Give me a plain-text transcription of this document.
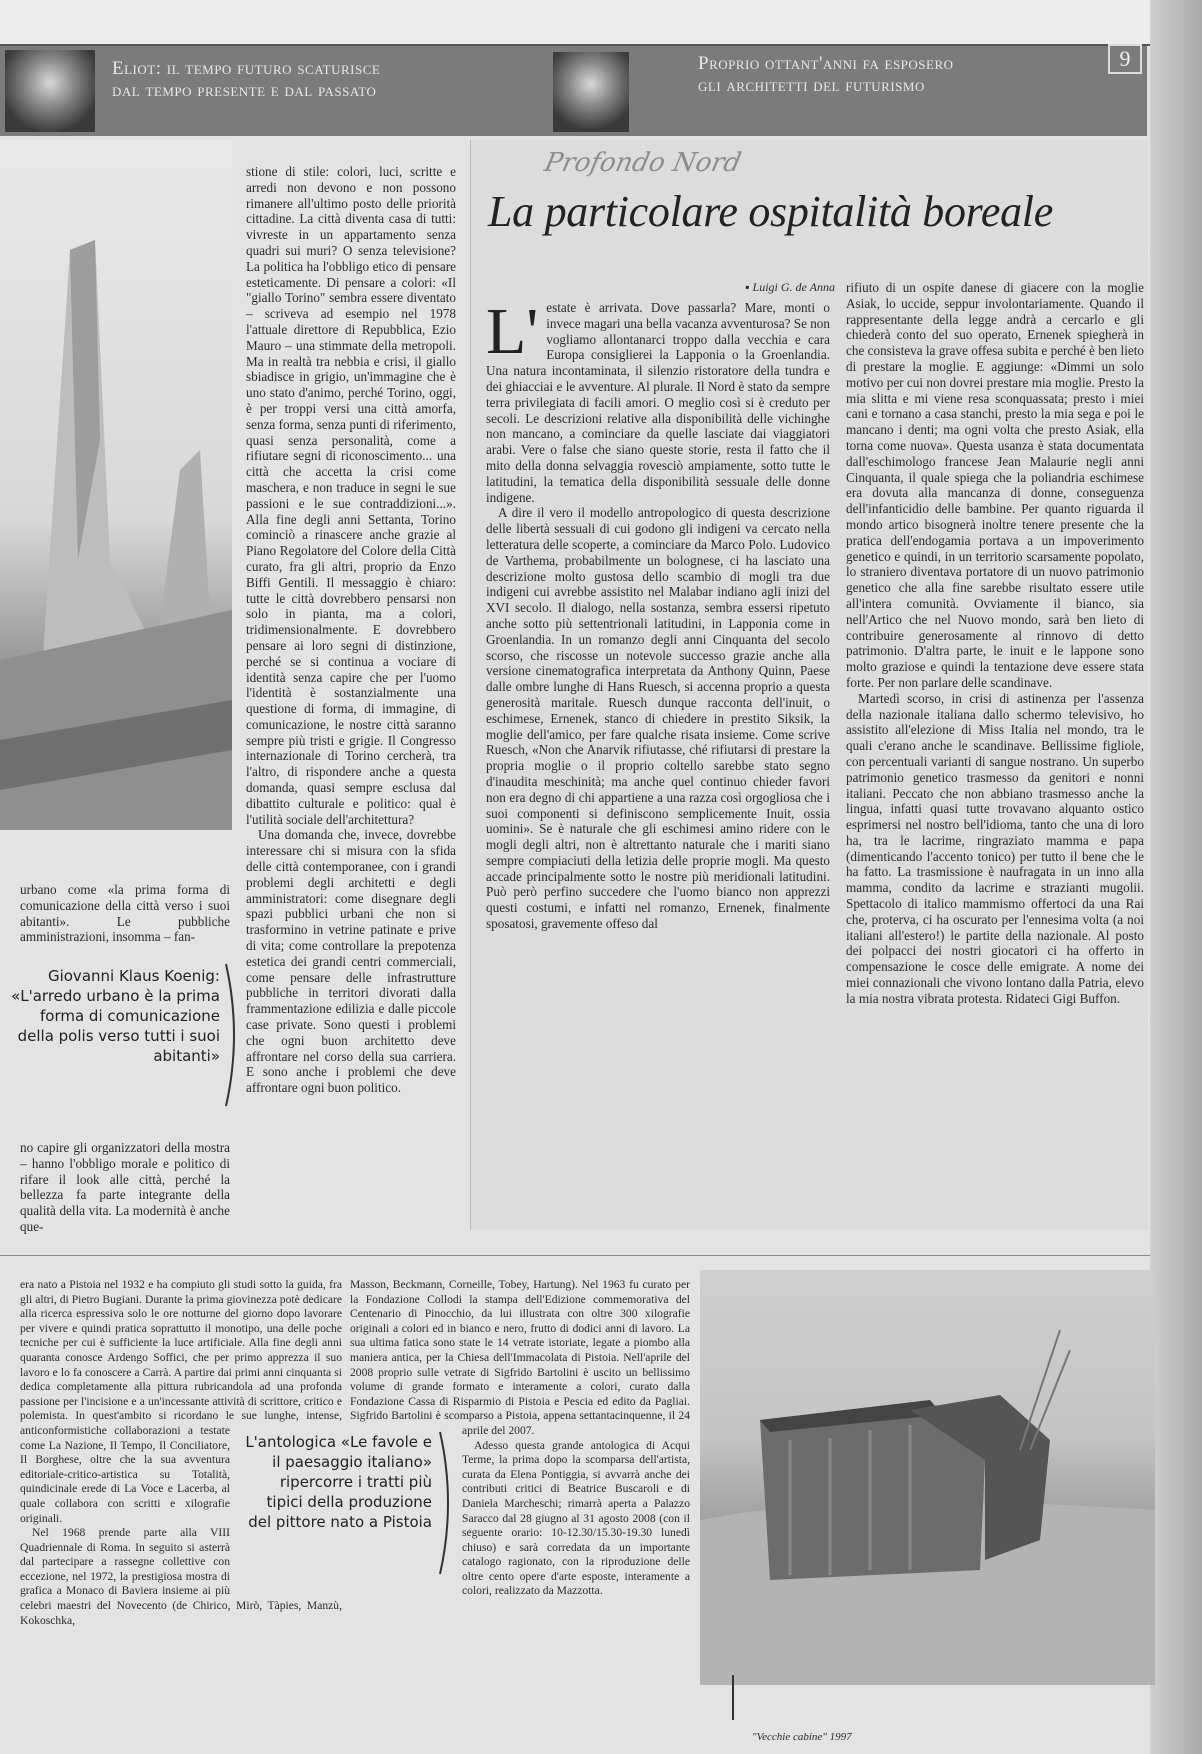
Eliot: il tempo futuro scaturisce
dal tempo presente e dal passato
Proprio ottant'anni fa esposero
gli architetti del futurismo
9

urbano come «la prima forma di comunicazione della città verso i suoi abitanti». Le pubbliche amministrazioni, insomma – fan-

Giovanni Klaus Koenig: «L'arredo urbano è la prima forma di comunicazione della polis verso tutti i suoi abitanti»

no capire gli organizzatori della mostra – hanno l'obbligo morale e politico di rifare il look alle città, perché la bellezza fa parte integrante della qualità della vita. La modernità è anche que-

stione di stile: colori, luci, scritte e arredi non devono e non possono rimanere all'ultimo posto delle priorità cittadine. La città diventa casa di tutti: vivreste in un appartamento senza quadri sui muri? O senza televisione? La politica ha l'obbligo etico di pensare esteticamente. Di pensare a colori: «Il "giallo Torino" sembra essere diventato – scriveva ad esempio nel 1978 l'attuale direttore di Repubblica, Ezio Mauro – una stimmate della metropoli. Ma in realtà tra nebbia e crisi, il giallo sbiadisce in grigio, un'immagine che è uno stato d'animo, perché Torino, oggi, è per troppi versi una città amorfa, senza forma, senza punti di riferimento, quasi senza personalità, come a rifiutare segni di riconoscimento... una città che accetta la crisi come maschera, e non traduce in segni le sue passioni e le sue contraddizioni...». Alla fine degli anni Settanta, Torino cominciò a rinascere anche grazie al Piano Regolatore del Colore della Città curato, fra gli altri, proprio da Enzo Biffi Gentili. Il messaggio è chiaro: tutte le città dovrebbero pensarsi non solo in pianta, ma a colori, tridimensionalmente. E dovrebbero pensare ai loro segni di distinzione, perché se si continua a vociare di identità senza capire che per l'uomo l'identità è sostanzialmente una questione di forma, di immagine, di comunicazione, le nostre città saranno sempre più tristi e grigie. Il Congresso internazionale di Torino cercherà, tra l'altro, di rispondere anche a questa domanda, quasi sempre esclusa dal dibattito culturale e politico: qual è l'utilità sociale dell'architettura?

Una domanda che, invece, dovrebbe interessare chi si misura con la sfida delle città contemporanee, con i grandi problemi degli architetti e degli amministratori: come disegnare degli spazi pubblici urbani che non si trasformino in vetrine patinate e prive di vita; come controllare la prepotenza estetica dei grandi centri commerciali, come pensare delle infrastrutture pubbliche in territori divorati dalla frammentazione edilizia e dalle piccole case private. Sono questi i problemi che ogni buon architetto deve affrontare nel corso della sua carriera. E sono anche i problemi che deve affrontare ogni buon politico.

Profondo Nord
La particolare ospitalità boreale
▪ Luigi G. de Anna

L' estate è arrivata. Dove passarla? Mare, monti o invece magari una bella vacanza avventurosa? Se non vogliamo allontanarci troppo dalla vecchia e cara Europa consiglierei la Lapponia o la Groenlandia. Una natura incontaminata, il silenzio ristoratore della tundra e dei ghiacciai e le avventure. Al plurale. Il Nord è stato da sempre terra privilegiata di facili amori. O meglio così si è creduto per secoli. Le descrizioni relative alla disponibilità delle vichinghe non mancano, a cominciare da quelle lasciate dai viaggiatori arabi. Vere o false che siano queste storie, resta il fatto che il mito della donna selvaggia rovesciò ampiamente, sotto tutte le latitudini, la tematica della disponibilità sessuale delle donne indigene.

A dire il vero il modello antropologico di questa descrizione delle libertà sessuali di cui godono gli indigeni va cercato nella letteratura delle scoperte, a cominciare da Marco Polo. Ludovico de Varthema, probabilmente un bolognese, ci ha lasciato una descrizione molto gustosa dello scambio di mogli tra due indigeni cui avrebbe assistito nel Malabar indiano agli inizi del XVI secolo. Il dialogo, nella sostanza, sembra essersi ripetuto anche sotto più settentrionali latitudini, in Lapponia come in Groenlandia. In un romanzo degli anni Cinquanta del secolo scorso, che riscosse un notevole successo grazie anche alla versione cinematografica interpretata da Anthony Quinn, Paese dalle ombre lunghe di Hans Ruesch, si accenna proprio a questa generosità maritale. Ruesch dunque racconta dell'inuit, o eschimese, Ernenek, stanco di chiedere in prestito Siksik, la moglie dell'amico, per fare qualche risata insieme. Come scrive Ruesch, «Non che Anarvik rifiutasse, ché rifiutarsi di prestare la propria moglie o il proprio coltello sarebbe stato segno d'inaudita meschinità; ma anche quel continuo chieder favori non era degno di chi appartiene a una razza così orgogliosa che i suoi componenti si definiscono semplicemente Inuit, ossia uomini». Se è naturale che gli eschimesi amino ridere con le mogli degli altri, non è altrettanto naturale che i mariti siano sempre compiaciuti della letizia delle proprie mogli. Ma questo accade principalmente sotto le nostre più meridionali latitudini. Può però perfino succedere che l'uomo bianco non apprezzi questi costumi, e infatti nel romanzo, Ernenek, finalmente sposatosi, gravemente offeso dal

rifiuto di un ospite danese di giacere con la moglie Asiak, lo uccide, seppur involontariamente. Quando il rappresentante della legge andrà a cercarlo e gli chiederà conto del suo operato, Ernenek spiegherà in che consisteva la grave offesa subita e perché è ben lieto di prestare la moglie. E aggiunge: «Dimmi un solo motivo per cui non dovrei prestare mia moglie. Presto la mia slitta e mi viene resa sconquassata; presto i miei cani e tornano a casa stanchi, presto la mia sega e poi le mancano i denti; ma ogni volta che presto Asiak, ella torna come nuova». Questa usanza è stata documentata dall'eschimologo francese Jean Malaurie negli anni Cinquanta, il quale spiega che la poliandria eschimese era dovuta alla mancanza di donne, conseguenza dell'infanticidio delle bambine. Per quanto riguarda il mondo artico bisognerà inoltre tenere presente che la pratica dell'endogamia portava a un impoverimento genetico e quindi, in un territorio scarsamente popolato, lo straniero diventava portatore di un nuovo patrimonio genetico che alla fine sarebbe risultato essere utile all'intera comunità. Ovviamente il bianco, sia nell'Artico che nel Nuovo mondo, sarà ben lieto di contribuire generosamente al rinnovo di detto patrimonio. D'altra parte, le inuit e le lappone sono molto graziose e quindi la tentazione deve essere stata forte. Per non parlare delle scandinave.

Martedì scorso, in crisi di astinenza per l'assenza della nazionale italiana dallo schermo televisivo, ho assistito all'elezione di Miss Italia nel mondo, tra le quali c'erano anche le scandinave. Bellissime figliole, con percentuali varianti di sangue nostrano. Un superbo patrimonio genetico trasmesso da genitori e nonni italiani. Peccato che non abbiano trasmesso anche la lingua, infatti quasi tutte trovavano alquanto ostico esprimersi nel nostro bell'idioma, tanto che una di loro ha, tra le lacrime, ringraziato mamma e papa (dimenticando l'accento tonico) per tutto il bene che le ha fatto. La trasmissione è naufragata in un inno alla mamma, condito da lacrime e strazianti mugolii. Spettacolo di italico mammismo offertoci da una Rai che, proterva, ci ha oscurato per l'ennesima volta (a noi italiani all'estero!) le partite della nazionale. Al posto dei polpacci dei nostri giocatori ci ha offerto in compensazione le cosce delle emigrate. A nome dei miei connazionali che vivono lontano dalla Patria, elevo la mia nostra vibrata protesta. Ridateci Gigi Buffon.

era nato a Pistoia nel 1932 e ha compiuto gli studi sotto la guida, fra gli altri, di Pietro Bugiani. Durante la prima giovinezza potè dedicare alla ricerca espressiva solo le ore notturne del giorno dopo lavorare per vivere e quindi pratica soprattutto il monotipo, una delle poche tecniche per cui è sufficiente la luce artificiale. Alla fine degli anni quaranta conosce Ardengo Soffici, che per primo apprezza il suo lavoro e lo fa conoscere a Carrà. A partire dai primi anni cinquanta si dedica completamente alla pittura rubricandola ad una profonda passione per l'incisione e a un'incessante attività di scrittore, critico e polemista. In quest'ambito si ricordano le sue lunghe, intense, anticonformistiche collaborazioni a testate come La Nazione, Il Tempo, Il Conciliatore, Il Borghese, oltre che la sua avventura editoriale-critico-artistica su Totalità, quindicinale erede di La Voce e Lacerba, al quale collabora con scritti e xilografie originali.

Nel 1968 prende parte alla VIII Quadriennale di Roma. In seguito si asterrà dal partecipare a rassegne collettive con eccezione, nel 1972, la prestigiosa mostra di grafica a Monaco di Baviera insieme ai più celebri maestri del Novecento (de Chirico, Mirò, Tàpies, Manzù, Kokoschka,

Masson, Beckmann, Corneille, Tobey, Hartung). Nel 1963 fu curato per la Fondazione Collodi la stampa dell'Edizione commemorativa del Centenario di Pinocchio, da lui illustrata con oltre 300 xilografie originali a colori ed in bianco e nero, frutto di dodici anni di lavoro. La sua ultima fatica sono state le 14 vetrate istoriate, legate a piombo alla maniera antica, per la Chiesa dell'Immacolata di Pistoia. Nell'aprile del 2008 proprio sulle vetrate di Sigfrido Bartolini è uscito un bellissimo volume di grande formato e interamente a colori, curato dalla Fondazione Cassa di Risparmio di Pistoia e Pescia ed edito da Pagliai. Sigfrido Bartolini è scomparso a Pistoia, appena settantacinquenne, il 24 aprile del 2007.

Adesso questa grande antologica di Acqui Terme, la prima dopo la scomparsa dell'artista, curata da Elena Pontiggia, si avvarrà anche dei contributi critici di Beatrice Buscaroli e di Daniela Marcheschi; rimarrà aperta a Palazzo Saracco dal 28 giugno al 31 agosto 2008 (con il seguente orario: 10-12.30/15.30-19.30 lunedì chiuso) e sarà corredata da un importante catalogo ragionato, con la riproduzione delle oltre cento opere d'arte esposte, interamente a colori, realizzato da Mazzotta.

L'antologica «Le favole e il paesaggio italiano» ripercorre i tratti più tipici della produzione del pittore nato a Pistoia
"Vecchie cabine" 1997
